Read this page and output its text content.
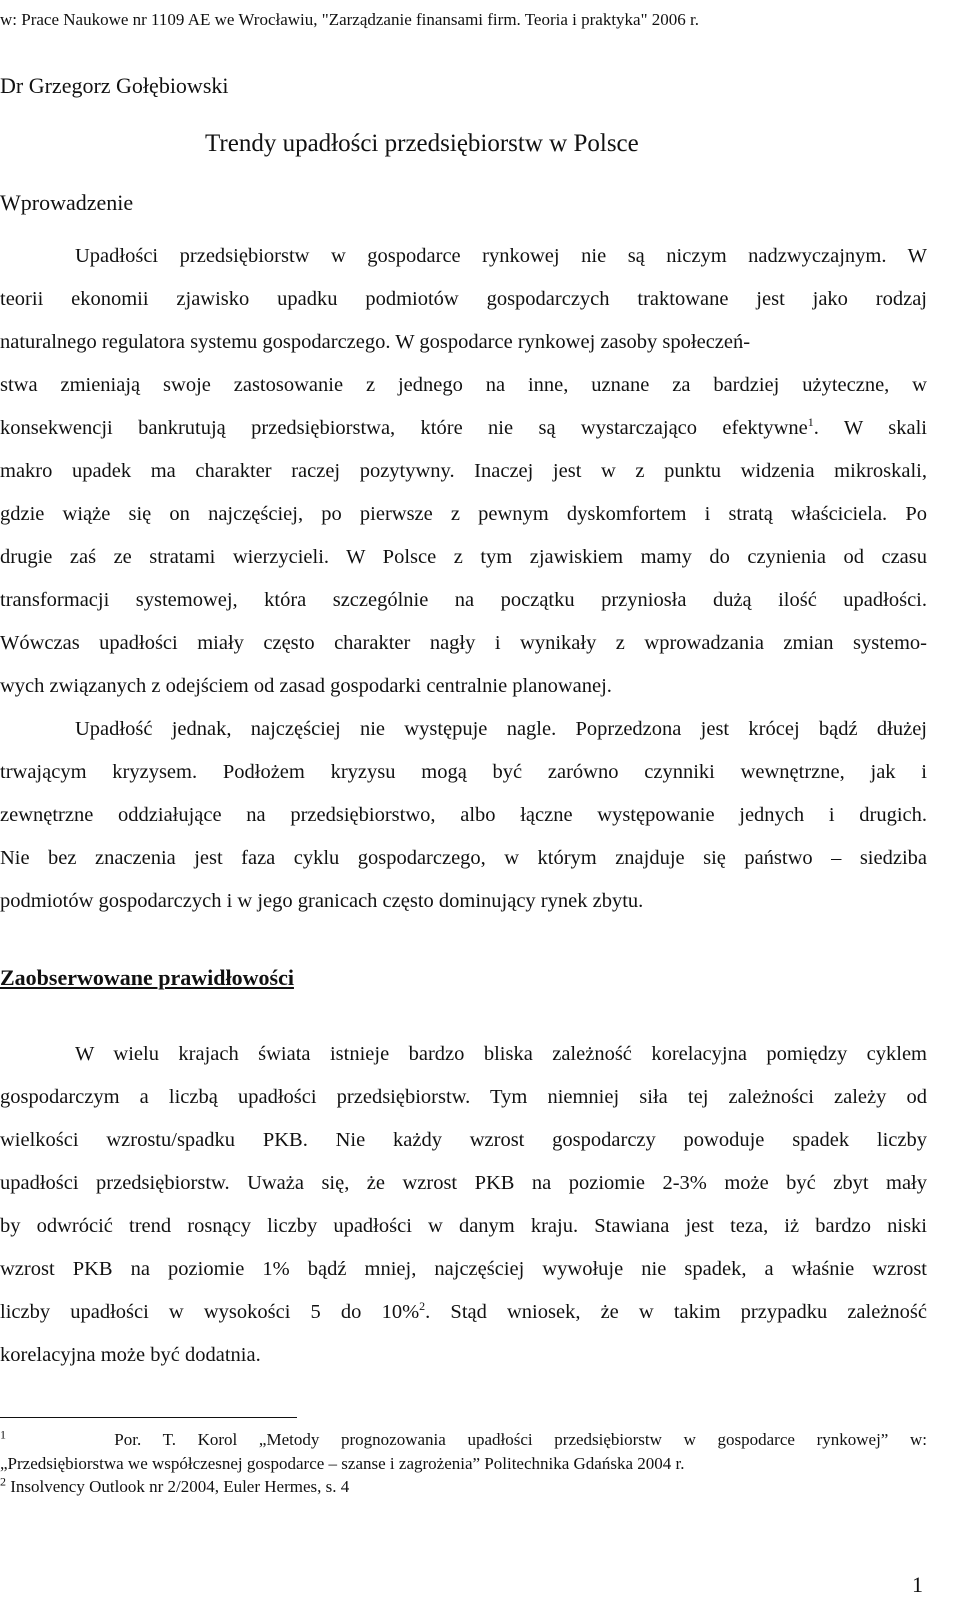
w: Prace Naukowe nr 1109 AE we Wrocławiu, "Zarządzanie finansami firm. Teoria i praktyka" 2006 r.
Dr Grzegorz Gołębiowski
Trendy upadłości przedsiębiorstw w Polsce
Wprowadzenie
Upadłości przedsiębiorstw w gospodarce rynkowej nie są niczym nadzwyczajnym. W
teorii ekonomii zjawisko upadku podmiotów gospodarczych traktowane jest jako rodzaj
naturalnego regulatora systemu gospodarczego. W gospodarce rynkowej zasoby społeczeń-
stwa zmieniają swoje zastosowanie z jednego na inne, uznane za bardziej użyteczne, w
konsekwencji bankrutują przedsiębiorstwa, które nie są wystarczająco efektywne$^1$. W skali
makro upadek ma charakter raczej pozytywny. Inaczej jest w z punktu widzenia mikroskali,
gdzie wiąże się on najczęściej, po pierwsze z pewnym dyskomfortem i stratą właściciela. Po
drugie zaś ze stratami wierzycieli. W Polsce z tym zjawiskiem mamy do czynienia od czasu
transformacji systemowej, która szczególnie na początku przyniosła dużą ilość upadłości.
Wówczas upadłości miały często charakter nagły i wynikały z wprowadzania zmian systemo-
wych związanych z odejściem od zasad gospodarki centralnie planowanej.
Upadłość jednak, najczęściej nie występuje nagle. Poprzedzona jest krócej bądź dłużej
trwającym kryzysem. Podłożem kryzysu mogą być zarówno czynniki wewnętrzne, jak i
zewnętrzne oddziałujące na przedsiębiorstwo, albo łączne występowanie jednych i drugich.
Nie bez znaczenia jest faza cyklu gospodarczego, w którym znajduje się państwo – siedziba
podmiotów gospodarczych i w jego granicach często dominujący rynek zbytu.
Zaobserwowane prawidłowości
W wielu krajach świata istnieje bardzo bliska zależność korelacyjna pomiędzy cyklem
gospodarczym a liczbą upadłości przedsiębiorstw. Tym niemniej siła tej zależności zależy od
wielkości wzrostu/spadku PKB. Nie każdy wzrost gospodarczy powoduje spadek liczby
upadłości przedsiębiorstw. Uważa się, że wzrost PKB na poziomie 2-3% może być zbyt mały
by odwrócić trend rosnący liczby upadłości w danym kraju. Stawiana jest teza, iż bardzo niski
wzrost PKB na poziomie 1% bądź mniej, najczęściej wywołuje nie spadek, a właśnie wzrost
liczby upadłości w wysokości 5 do 10%$^2$. Stąd wniosek, że w takim przypadku zależność
korelacyjna może być dodatnia.
$^1$	Por. T. Korol „Metody prognozowania upadłości przedsiębiorstw w gospodarce rynkowej” w:
„Przedsiębiorstwa we współczesnej gospodarce – szanse i zagrożenia” Politechnika Gdańska 2004 r.
$^2$ Insolvency Outlook nr 2/2004, Euler Hermes, s. 4
1
